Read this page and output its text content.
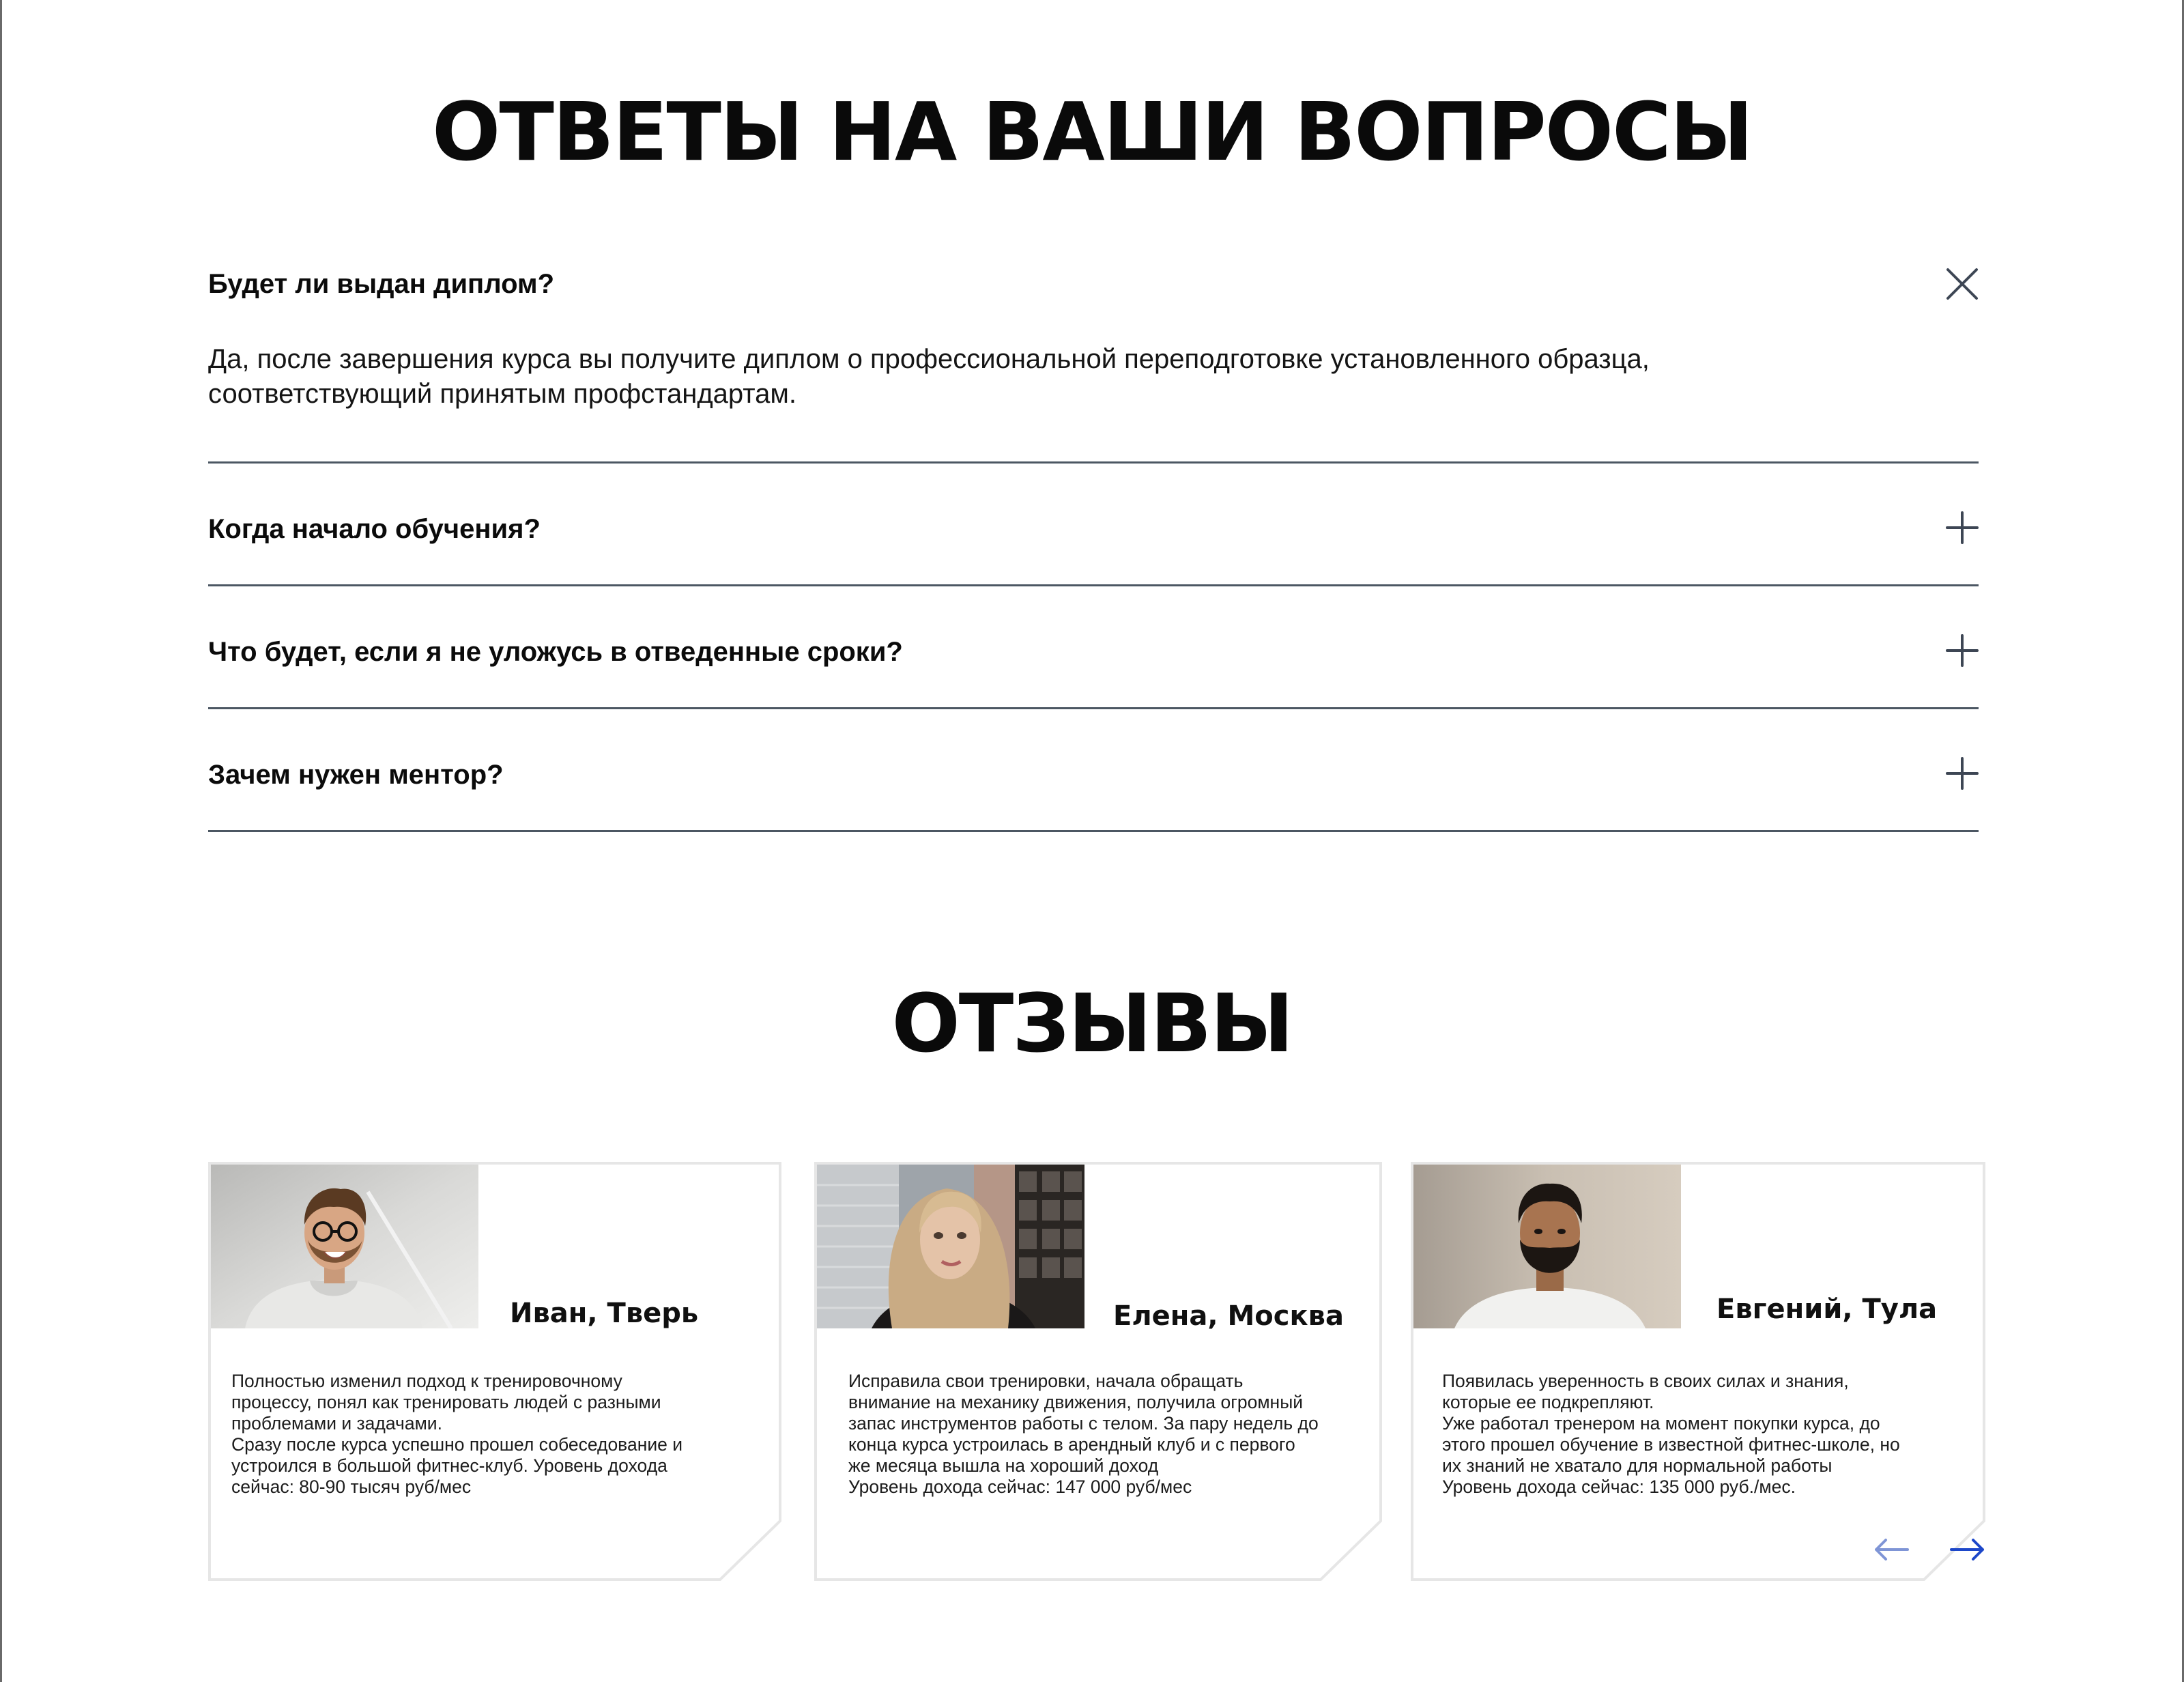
ОТВЕТЫ НА ВАШИ ВОПРОСЫ
Будет ли выдан диплом?
Да, после завершения курса вы получите диплом о профессиональной переподготовке установленного образца, соответствующий принятым профстандартам.
Когда начало обучения?
Что будет, если я не уложусь в отведенные сроки?
Зачем нужен ментор?
ОТЗЫВЫ
Иван, Тверь
Полностью изменил подход к тренировочному
процессу, понял как тренировать людей с разными
проблемами и задачами.
Сразу после курса успешно прошел собеседование и
устроился в большой фитнес-клуб. Уровень дохода
сейчас: 80-90 тысяч руб/мес
Елена, Москва
Исправила свои тренировки, начала обращать
внимание на механику движения, получила огромный
запас инструментов работы с телом. За пару недель до
конца курса устроилась в арендный клуб и с первого
же месяца вышла на хороший доход
Уровень дохода сейчас: 147 000 руб/мес
Евгений, Тула
Появилась уверенность в своих силах и знания,
которые ее подкрепляют.
Уже работал тренером на момент покупки курса, до
этого прошел обучение в известной фитнес-школе, но
их знаний не хватало для нормальной работы
Уровень дохода сейчас: 135 000 руб./мес.
